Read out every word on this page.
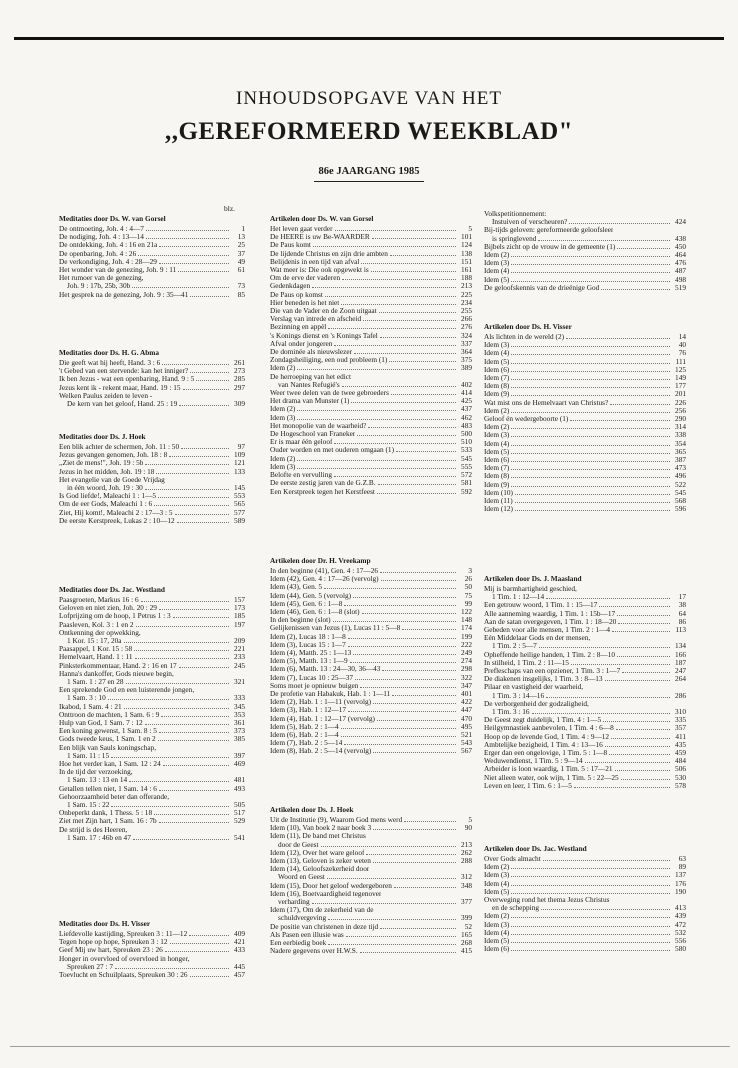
INHOUDSOPGAVE VAN HET
,,GEREFORMEERD WEEKBLAD"
86e JAARGANG 1985
blz.
Meditaties door Ds. W. van Gorsel
De ontmoeting, Joh. 4 : 4—7	1
De nodiging, Joh. 4 : 13—14	13
De ontdekking, Joh. 4 : 16 en 21a	25
De openbaring, Joh. 4 : 26	37
De verkondiging, Joh. 4 : 28—29	49
Het wonder van de genezing, Joh. 9 : 11	61
Het rumoer van de genezing,
Joh. 9 : 17b, 25b, 30b	73
Het gesprek na de genezing, Joh. 9 : 35—41	85
Meditaties door Ds. H. G. Abma
Die geeft wat hij heeft, Hand. 3 : 6	261
't Gebed van een stervende: kan het inniger?	273
Ik ben Jezus - wat een openbaring, Hand. 9 : 5	285
Jezus kent ik - rekent maar, Hand. 19 : 15	297
Welken Paulus zeiden te leven -
De kern van het geloof, Hand. 25 : 19	309
Meditaties door Ds. J. Hoek
Een blik achter de schermen, Joh. 11 : 50	97
Jezus gevangen genomen, Joh. 18 : 8	109
,,Ziet de mens!", Joh. 19 : 5b	121
Jezus in het midden, Joh. 19 : 18	133
Het evangelie van de Goede Vrijdag
in één woord, Joh. 19 : 30	145
Is God liefde!, Maleachi 1 : 1—5	553
Om de eer Gods, Maleachi 1 : 6	565
Ziet, Hij komt!, Maleachi 2 : 17—3 : 5	577
De eerste Kerstpreek, Lukas 2 : 10—12	589
Meditaties door Ds. Jac. Westland
Paasgroeten, Markus 16 : 6	157
Geloven en niet zien, Joh. 20 : 29	173
Lofprijzing om de hoop, 1 Petrus 1 : 3	185
Paasleven, Kol. 3 : 1 en 2	197
Ontkenning der opwekking,
1 Kor. 15 : 17, 20a	209
Paasappel, 1 Kor. 15 : 58	221
Hemelvaart, Hand. 1 : 11	233
Pinksterkommentaar, Hand. 2 : 16 en 17	245
Hanna's dankoffer, Gods nieuwe begin,
1 Sam. 1 : 27 en 28	321
Een sprekende God en een luisterende jongen,
1 Sam. 3 : 10	333
Ikabod, 1 Sam. 4 : 21	345
Onttroon de machten, 1 Sam. 6 : 9	353
Hulp van God, 1 Sam. 7 : 12	361
Een koning gewenst, 1 Sam. 8 : 5	373
Gods tweede keus, 1 Sam. 1 en 2	385
Een blijk van Sauls koningschap,
1 Sam. 11 : 15	397
Hoe het verder kan, 1 Sam. 12 : 24	469
In de tijd der verzoeking,
1 Sam. 13 : 13 en 14	481
Getallen tellen niet, 1 Sam. 14 : 6	493
Gehoorzaamheid beter dan offerande,
1 Sam. 15 : 22	505
Onbeperkt dank, 1 Thess. 5 : 18	517
Ziet met Zijn hart, 1 Sam. 16 : 7b	529
De strijd is des Heeren,
1 Sam. 17 : 46b en 47	541
Meditaties door Ds. H. Visser
Liefdevolle kastijding, Spreuken 3 : 11—12	409
Tegen hope op hope, Spreuken 3 : 12	421
Geef Mij uw hart, Spreuken 23 : 26	433
Honger in overvloed of overvloed in honger,
Spreuken 27 : 7	445
Toevlucht en Schuilplaats, Spreuken 30 : 26	457
Artikelen door Ds. W. van Gorsel
Het leven gaat verder	5
De HEERE is uw Be-WAARDER	101
De Paus komt	124
De lijdende Christus en zijn drie ambten	138
Belijdenis in een tijd van afval	151
Wat meer is: Die ook opgewekt is	161
Om de erve der vaderen	188
Gedenkdagen	213
De Paus op komst	225
Hier beneden is het niet	234
Die van de Vader en de Zoon uitgaat	255
Verslag van intrede en afscheid	266
Bezinning en appèl	276
's Konings dienst en 's Konings Tafel	324
Afval onder jongeren	337
De dominée als nieuwslezer	364
Zondagsheiliging, een oud probleem (1)	375
Idem (2)	389
De herroeping van het edict
van Nantes Refugié's	402
Weer twee delen van de twee gebroeders	414
Het drama van Munster (1)	425
Idem (2)	437
Idem (3)	462
Het monopolie van de waarheid?	483
De Hogeschool van Franeker	500
Er is maar één geloof	510
Ouder worden en met ouderen omgaan (1)	533
Idem (2)	545
Idem (3)	555
Belofte en vervulling	572
De eerste zestig jaren van de G.Z.B.	581
Een Kerstpreek tegen het Kerstfeest	592
Artikelen door Dr. H. Vreekamp
In den beginne (41), Gen. 4 : 17—26	3
Idem (42), Gen. 4 : 17—26 (vervolg)	26
Idem (43), Gen. 5	50
Idem (44), Gen. 5 (vervolg)	75
Idem (45), Gen. 6 : 1—8	99
Idem (46), Gen. 6 : 1—8 (slot)	122
In den beginne (slot)	148
Gelijkenissen van Jezus (1), Lucas 11 : 5—8	174
Idem (2), Lucas 18 : 1—8	199
Idem (3), Lucas 15 : 1—7	222
Idem (4), Matth. 25 : 1—13	249
Idem (5), Matth. 13 : 1—9	274
Idem (6), Matth. 13 : 24—30, 36—43	298
Idem (7), Lucas 10 : 25—37	322
Soms moet je opnieuw buigen	347
De profetie van Habakuk, Hab. 1 : 1—11	401
Idem (2), Hab. 1 : 1—11 (vervolg)	422
Idem (3), Hab. 1 : 12—17	447
Idem (4), Hab. 1 : 12—17 (vervolg)	470
Idem (5), Hab. 2 : 1—4	495
Idem (6), Hab. 2 : 1—4	521
Idem (7), Hab. 2 : 5—14	543
Idem (8), Hab. 2 : 5—14 (vervolg)	567
Artikelen door Ds. J. Hoek
Uit de Institutie (9), Waarom God mens werd	5
Idem (10), Van boek 2 naar boek 3	90
Idem (11), De band met Christus
door de Geest	213
Idem (12), Over het ware geloof	262
Idem (13), Geloven is zeker weten	288
Idem (14), Geloofszekerheid door
Woord en Geest	312
Idem (15), Door het geloof wedergeboren	348
Idem (16), Boetvaardigheid tegenover
verharding	377
Idem (17), Om de zekerheid van de
schuldvergeving	399
De positie van christenen in deze tijd	52
Als Pasen een illusie was	165
Een eerbiedig boek	268
Nadere gegevens over H.W.S.	415
Volkspetitionnement:
Instuiven of verscheuren?	424
Bij-tijds geloven: gereformeerde geloofsleer
is springlevend	438
Bijbels zicht op de vrouw in de gemeente (1)	450
Idem (2)	464
Idem (3)	476
Idem (4)	487
Idem (5)	498
De geloofskennis van de drieënige God	519
Artikelen door Ds. H. Visser
Als lichten in de wereld (2)	14
Idem (3)	40
Idem (4)	76
Idem (5)	111
Idem (6)	125
Idem (7)	149
Idem (8)	177
Idem (9)	201
Wat mist ons de Hemelvaart van Christus?	226
Idem (2)	256
Geloof én wedergeboorte (1)	290
Idem (2)	314
Idem (3)	338
Idem (4)	354
Idem (5)	365
Idem (6)	387
Idem (7)	473
Idem (8)	496
Idem (9)	522
Idem (10)	545
Idem (11)	568
Idem (12)	596
Artikelen door Ds. J. Maasland
Mij is barmhartigheid geschied,
1 Tim. 1 : 12—14	17
Een getrouw woord, 1 Tim. 1 : 15—17	38
Alle aanneming waardig, 1 Tim. 1 : 15b—17	64
Aan de satan overgegeven, 1 Tim. 1 : 18—20	86
Gebeden voor alle mensen, 1 Tim. 2 : 1—4	113
Eén Middelaar Gods en der mensen,
1 Tim. 2 : 5—7	134
Opheffende heilige handen, 1 Tim. 2 : 8—10	166
In stilheid, 1 Tim. 2 : 11—15	187
Prefleschaps van een opziener, 1 Tim. 3 : 1—7	247
De diakenen insgelijks, 1 Tim. 3 : 8—13	264
Pilaar en vastigheid der waarheid,
1 Tim. 3 : 14—16	286
De verborgenheid der godzaligheid,
1 Tim. 3 : 16	310
De Geest zegt duidelijk, 1 Tim. 4 : 1—5	335
Heilgymnastiek aanbevolen, 1 Tim. 4 : 6—8	357
Hoop op de levende God, 1 Tim. 4 : 9—12	411
Ambtelijke bezigheid, 1 Tim. 4 : 13—16	435
Erger dan een ongelovige, 1 Tim. 5 : 1—8	459
Weduwendienst, 1 Tim. 5 : 9—14	484
Arbeider is loon waardig, 1 Tim. 5 : 17—21	506
Niet alleen water, ook wijn, 1 Tim. 5 : 22—25	530
Leven en leer, 1 Tim. 6 : 1—5	578
Artikelen door Ds. Jac. Westland
Over Gods almacht	63
Idem (2)	89
Idem (3)	137
Idem (4)	176
Idem (5)	190
Overweging rond het thema Jezus Christus
en de schepping	413
Idem (2)	439
Idem (3)	472
Idem (4)	532
Idem (5)	556
Idem (6)	580
